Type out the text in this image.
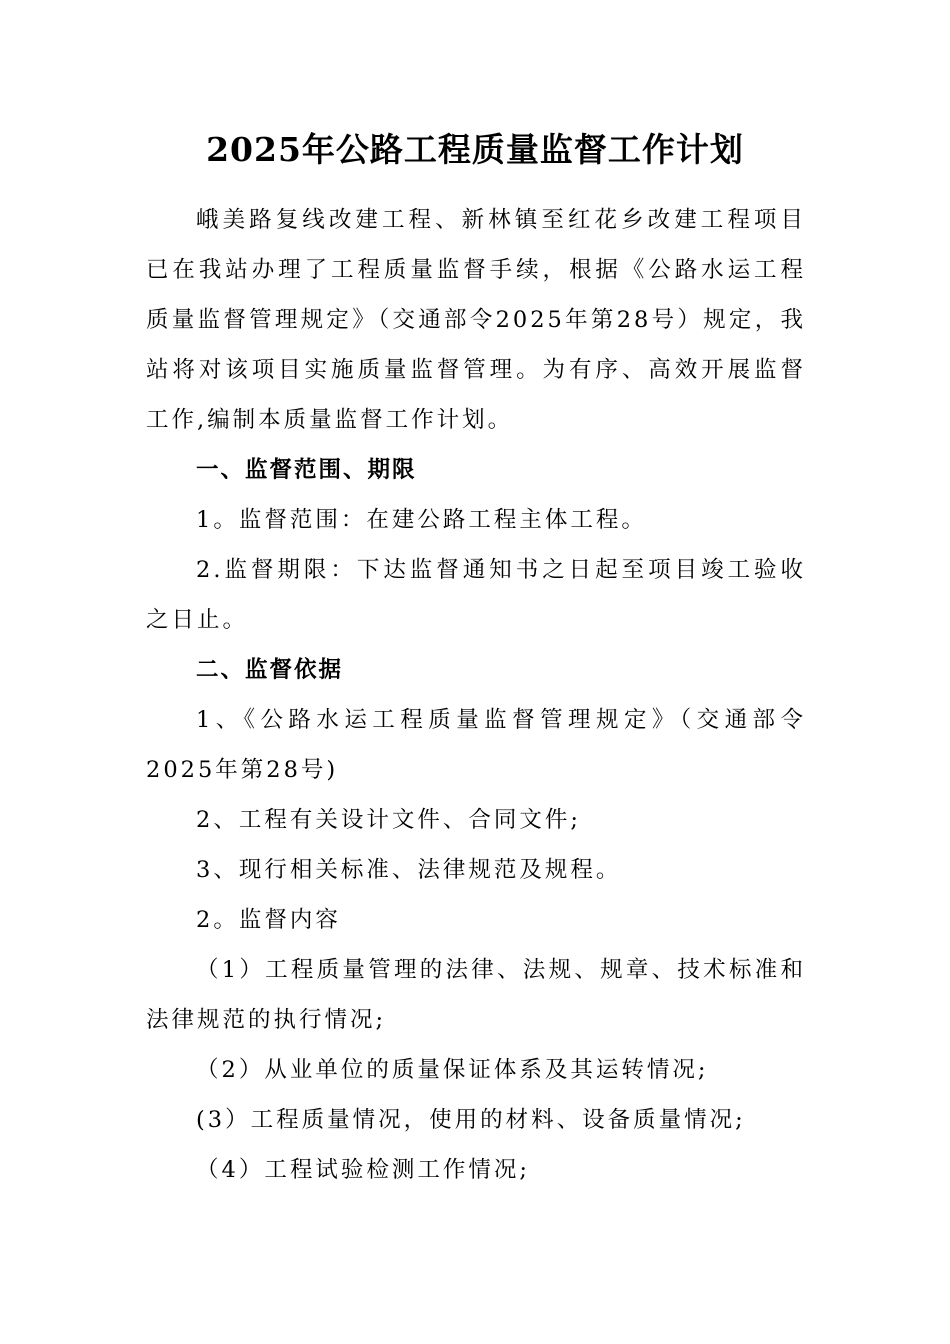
2025年公路工程质量监督工作计划

峨美路复线改建工程、新林镇至红花乡改建工程项目已在我站办理了工程质量监督手续，根据《公路水运工程质量监督管理规定》（交通部令2025年第28号）规定，我站将对该项目实施质量监督管理。为有序、高效开展监督工作,编制本质量监督工作计划。

一、监督范围、期限

1。监督范围：在建公路工程主体工程。

2.监督期限：下达监督通知书之日起至项目竣工验收之日止。

二、监督依据

1、《公路水运工程质量监督管理规定》（交通部令2025年第28号)

2、工程有关设计文件、合同文件;

3、现行相关标准、法律规范及规程。

2。监督内容

（1）工程质量管理的法律、法规、规章、技术标准和法律规范的执行情况;

（2）从业单位的质量保证体系及其运转情况;

(3）工程质量情况，使用的材料、设备质量情况;

（4）工程试验检测工作情况;
